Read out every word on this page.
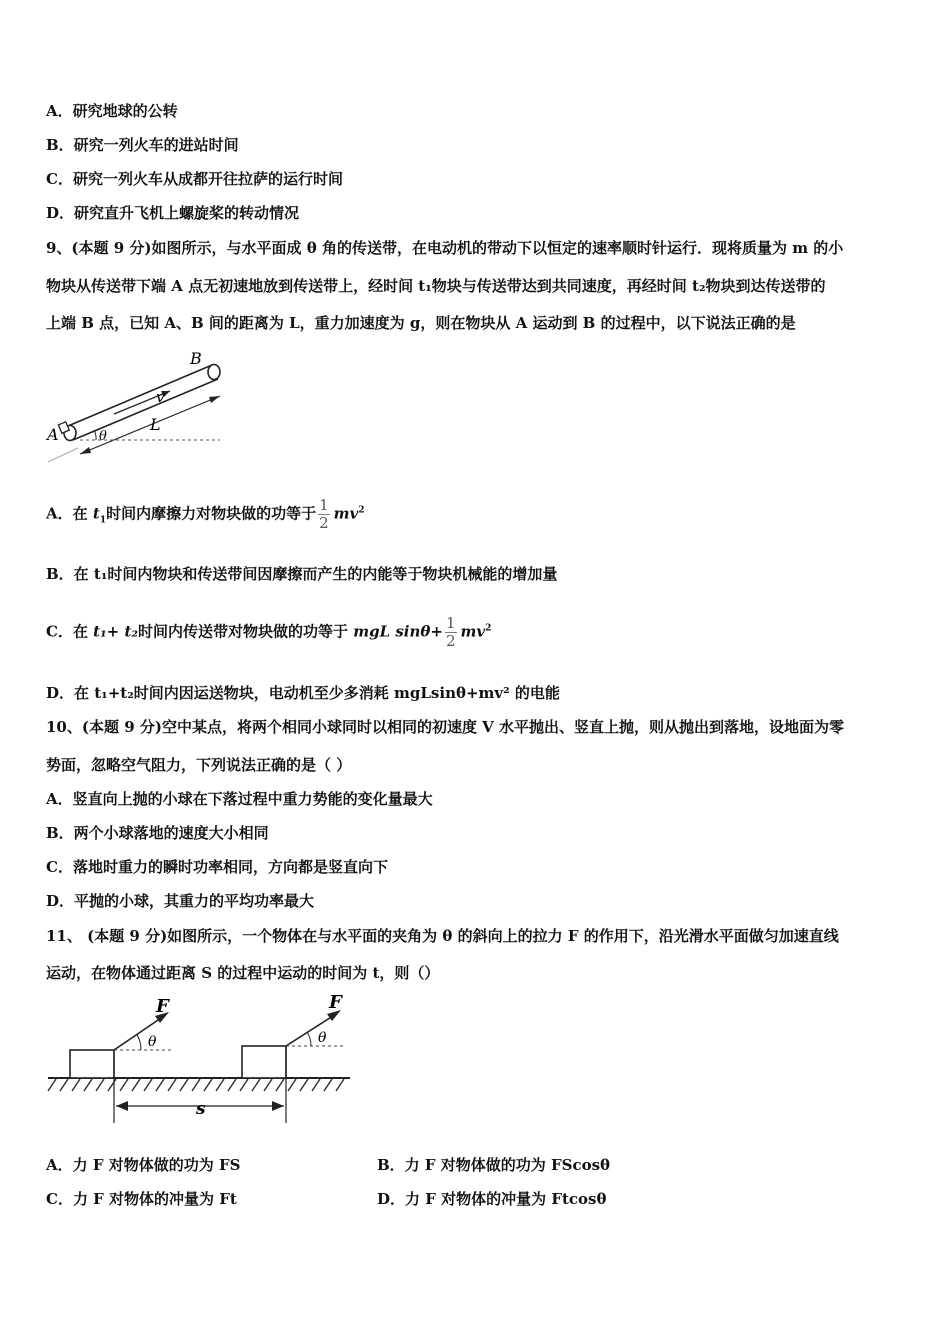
A．研究地球的公转
B．研究一列火车的进站时间
C．研究一列火车从成都开往拉萨的运行时间
D．研究直升飞机上螺旋桨的转动情况
9、(本题 9 分)如图所示，与水平面成 θ 角的传送带，在电动机的带动下以恒定的速率顺时针运行．现将质量为 m 的小
物块从传送带下端 A 点无初速地放到传送带上，经时间 t₁物块与传送带达到共同速度，再经时间 t₂物块到达传送带的
上端 B 点，已知 A、B 间的距离为 L，重力加速度为 g，则在物块从 A 运动到 B 的过程中，以下说法正确的是
B
A
v
L
θ
A．在 $t_1$时间内摩擦力对物块做的功等于 $\frac{1}{2} mv^2$
B．在 t₁时间内物块和传送带间因摩擦而产生的内能等于物块机械能的增加量
C．在 t₁+ t₂时间内传送带对物块做的功等于 mgL $\sin\theta+ \frac{1}{2} mv^2$
D．在 t₁+t₂时间内因运送物块，电动机至少多消耗 mgLsinθ+mv² 的电能
10、(本题 9 分)空中某点，将两个相同小球同时以相同的初速度 V 水平抛出、竖直上抛，则从抛出到落地，设地面为零
势面，忽略空气阻力，下列说法正确的是（ ）
A．竖直向上抛的小球在下落过程中重力势能的变化量最大
B．两个小球落地的速度大小相同
C．落地时重力的瞬时功率相同，方向都是竖直向下
D．平抛的小球，其重力的平均功率最大
11、 (本题 9 分)如图所示，一个物体在与水平面的夹角为 θ 的斜向上的拉力 F 的作用下，沿光滑水平面做匀加速直线
运动，在物体通过距离 S 的过程中运动的时间为 t，则（）
F	F
θ	θ
s
A．力 F 对物体做的功为 FS	B．力 F 对物体做的功为 FScosθ
C．力 F 对物体的冲量为 Ft	D．力 F 对物体的冲量为 Ftcosθ
